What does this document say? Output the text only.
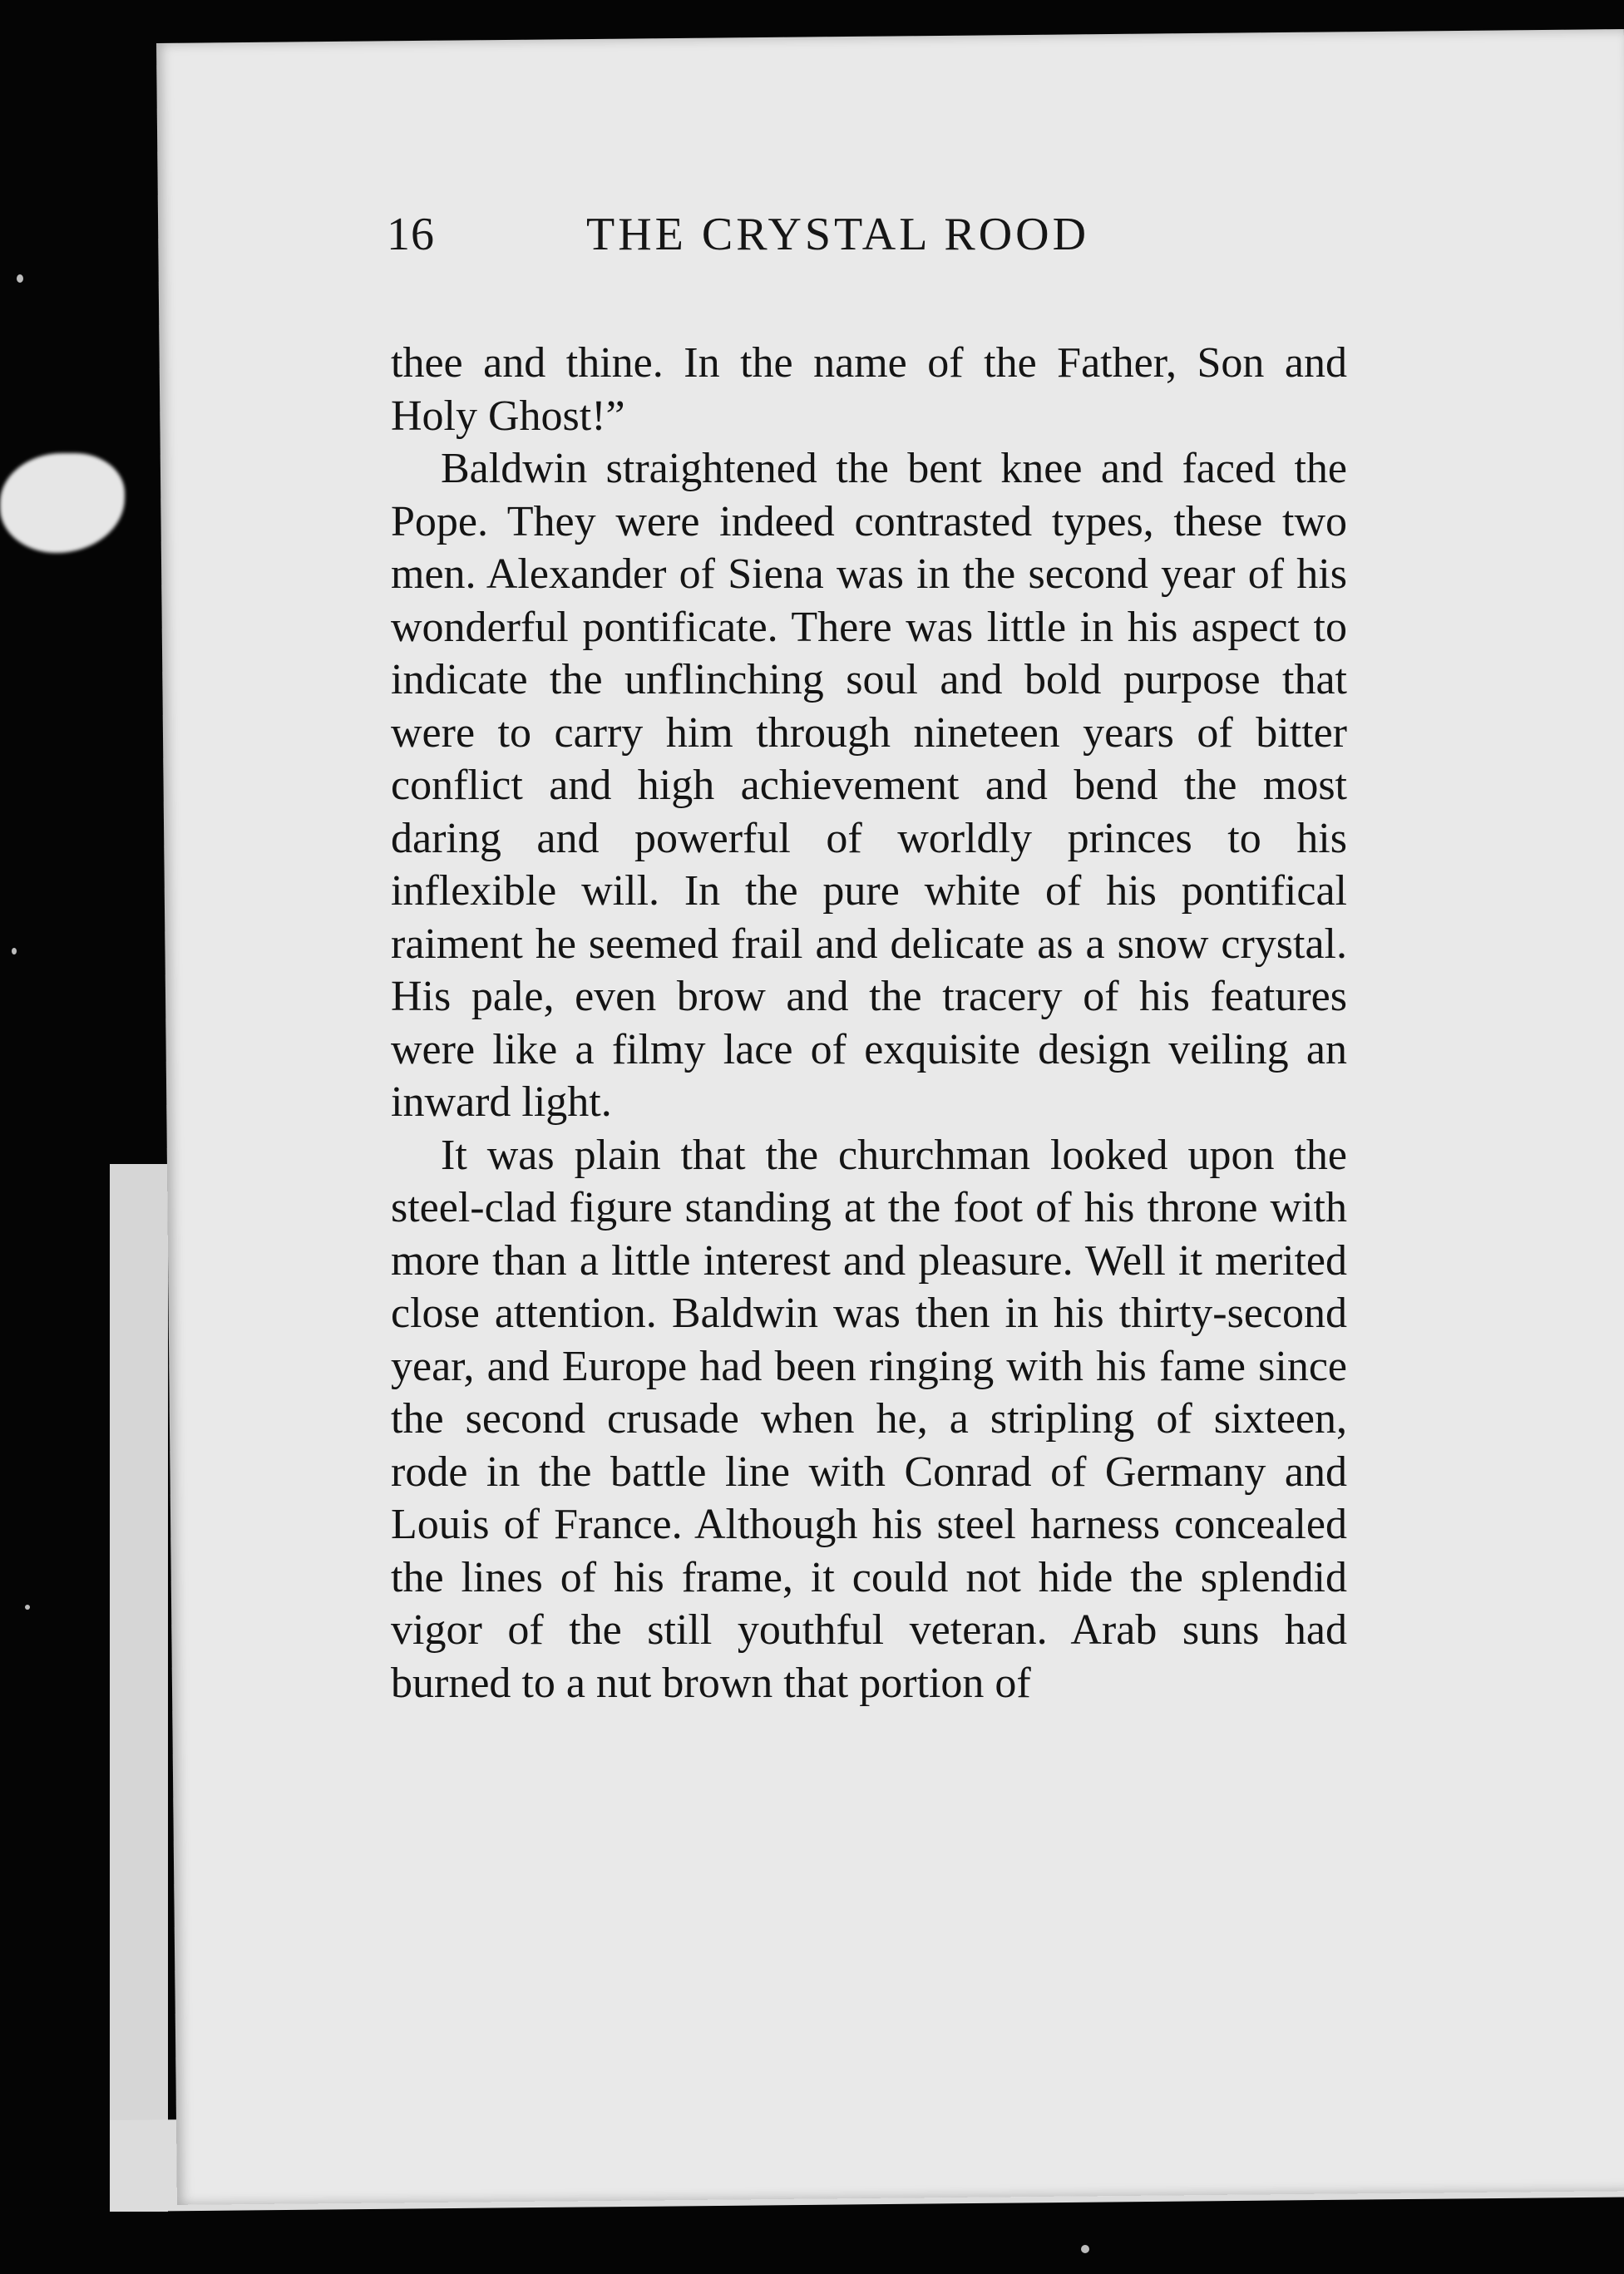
16	THE CRYSTAL ROOD

thee and thine. In the name of the Father, Son and Holy Ghost!”

Baldwin straightened the bent knee and faced the Pope. They were indeed contrasted types, these two men. Alexander of Siena was in the second year of his wonderful pontificate. There was little in his aspect to indicate the unflinching soul and bold purpose that were to carry him through nineteen years of bitter conflict and high achievement and bend the most daring and powerful of worldly princes to his inflexible will. In the pure white of his pontifical raiment he seemed frail and delicate as a snow crystal. His pale, even brow and the tracery of his features were like a filmy lace of exquisite design veiling an inward light.

It was plain that the churchman looked upon the steel-clad figure standing at the foot of his throne with more than a little interest and pleasure. Well it merited close attention. Baldwin was then in his thirty-second year, and Europe had been ringing with his fame since the second crusade when he, a stripling of sixteen, rode in the battle line with Conrad of Germany and Louis of France. Although his steel harness concealed the lines of his frame, it could not hide the splendid vigor of the still youthful veteran. Arab suns had burned to a nut brown that portion of
